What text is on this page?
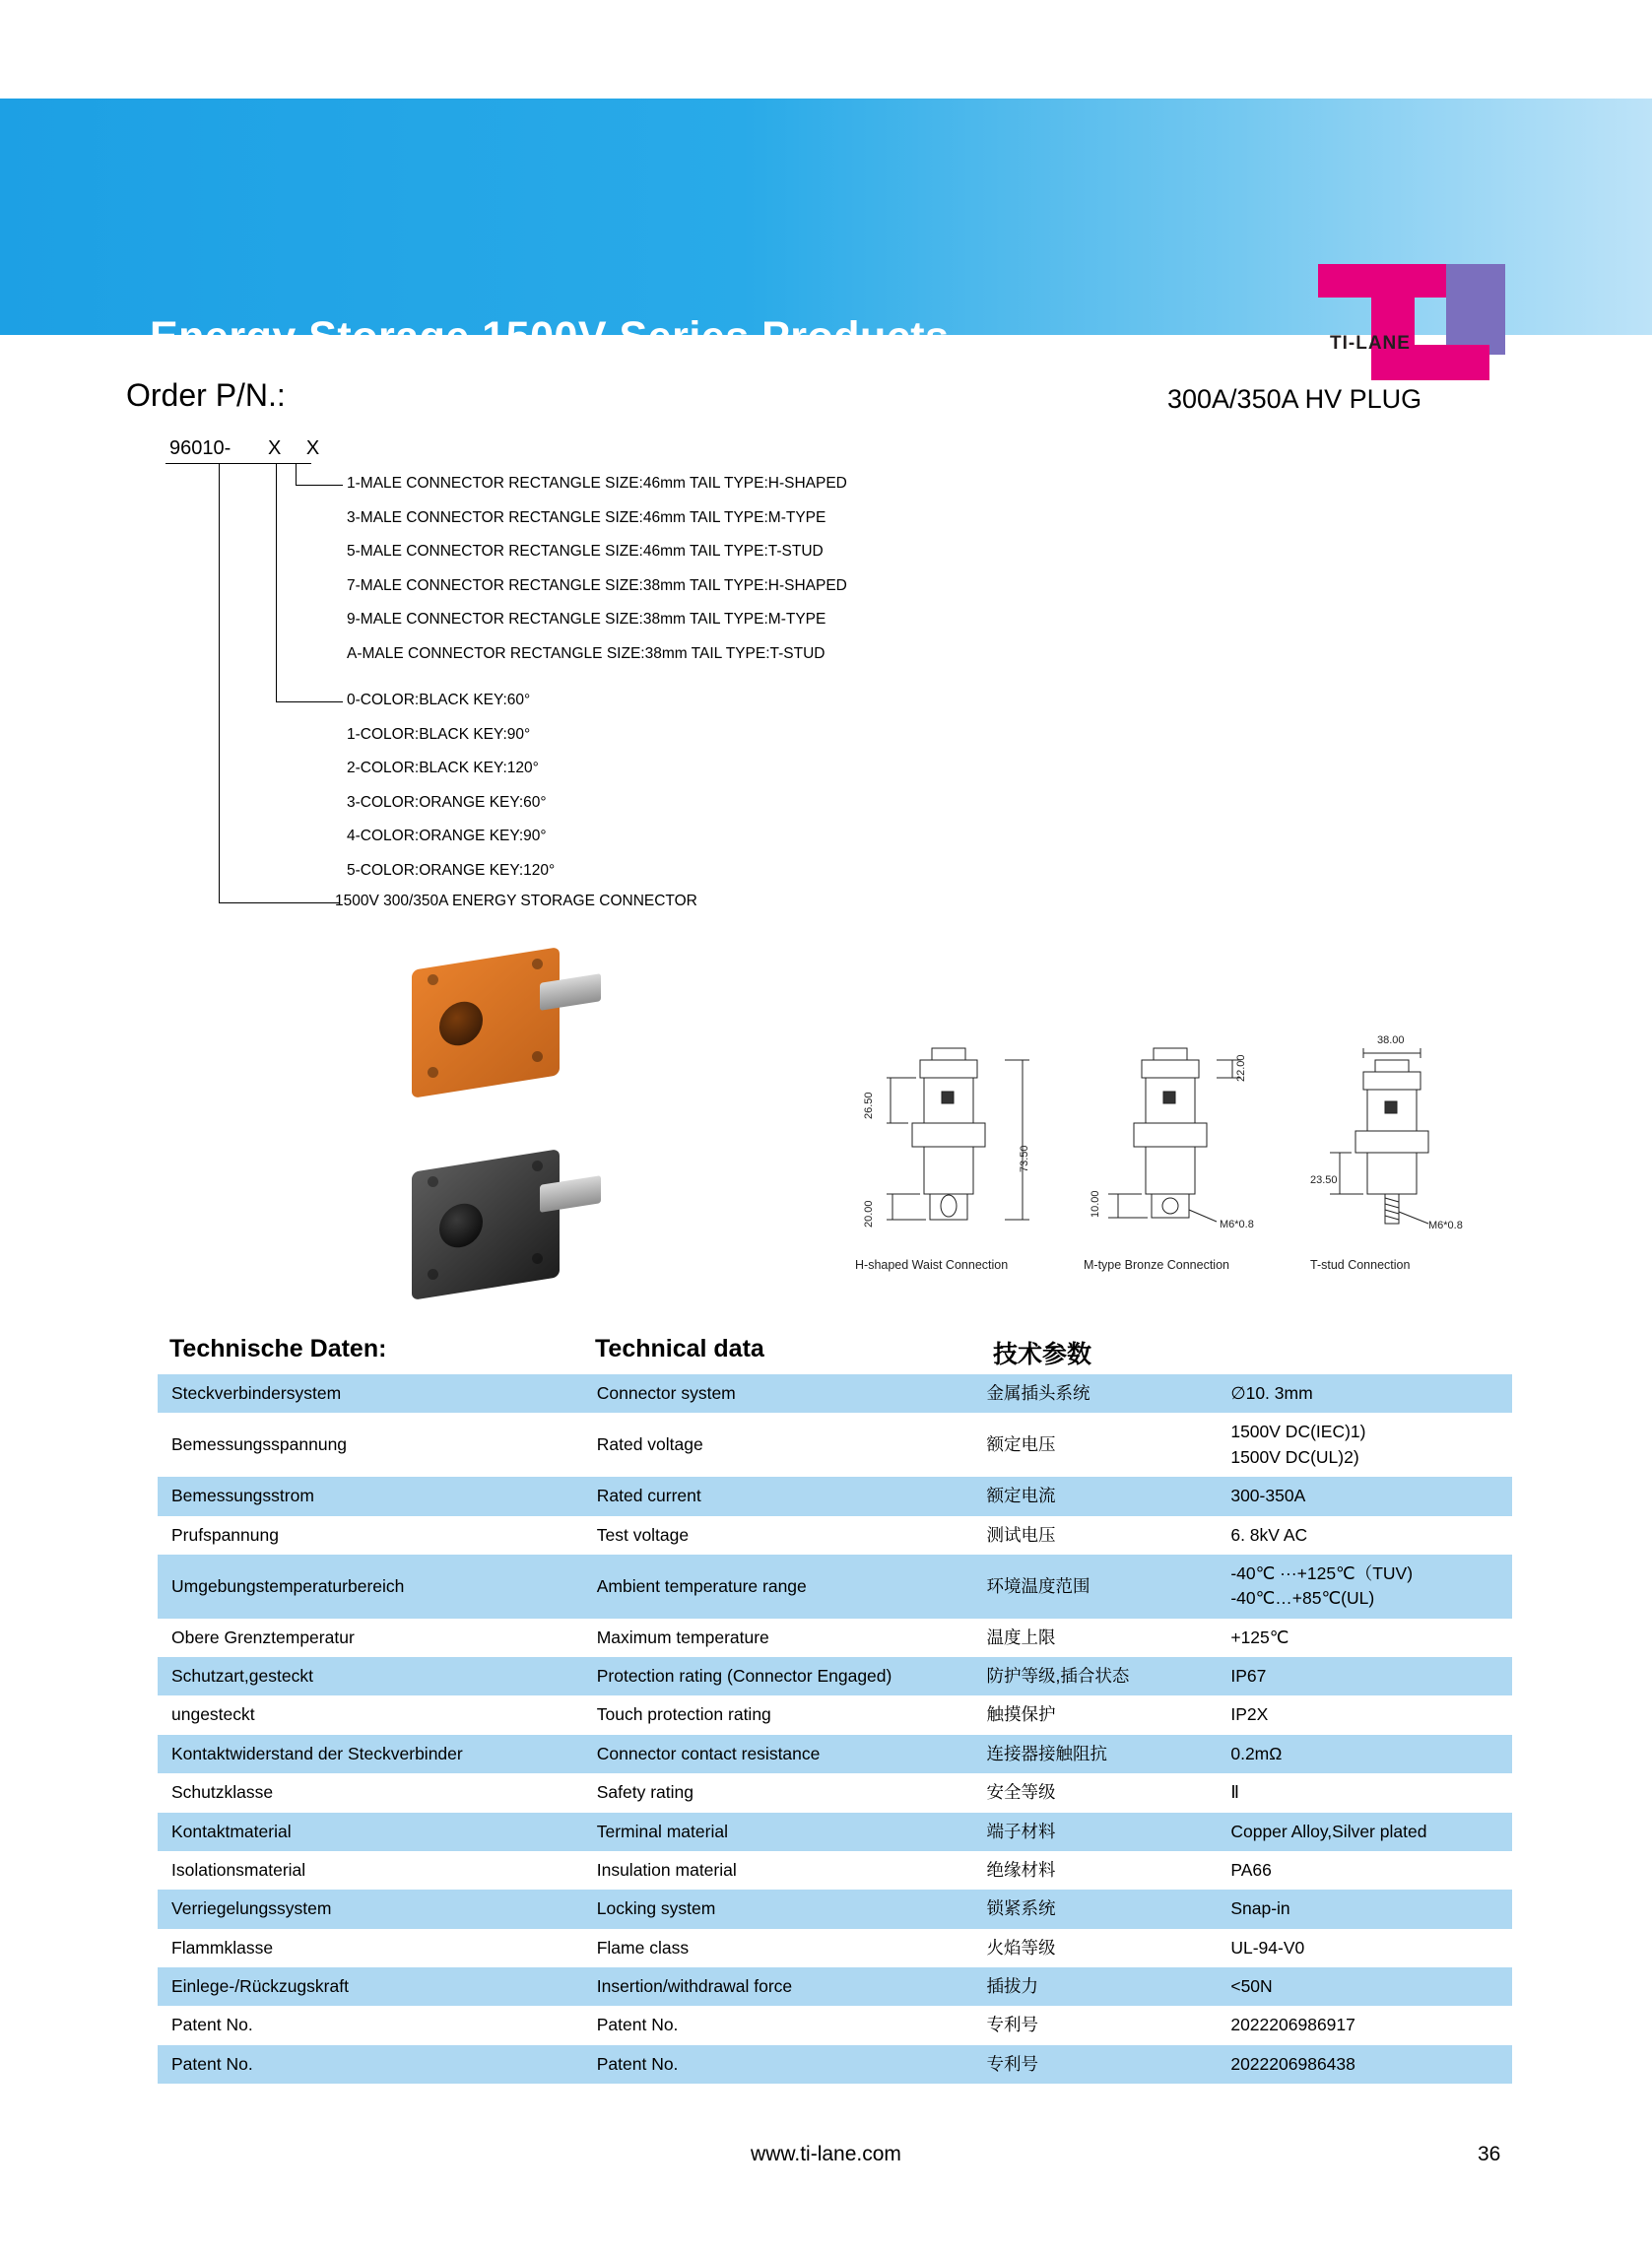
Energy Storage 1500V Series Products	TI-LANE
Order P/N.:	300A/350A HV PLUG
96010- X X
1-MALE CONNECTOR RECTANGLE SIZE:46mm TAIL TYPE:H-SHAPED
3-MALE CONNECTOR RECTANGLE SIZE:46mm TAIL TYPE:M-TYPE
5-MALE CONNECTOR RECTANGLE SIZE:46mm TAIL TYPE:T-STUD
7-MALE CONNECTOR RECTANGLE SIZE:38mm TAIL TYPE:H-SHAPED
9-MALE CONNECTOR RECTANGLE SIZE:38mm TAIL TYPE:M-TYPE
A-MALE CONNECTOR RECTANGLE SIZE:38mm TAIL TYPE:T-STUD
0-COLOR:BLACK KEY:60°
1-COLOR:BLACK KEY:90°
2-COLOR:BLACK KEY:120°
3-COLOR:ORANGE KEY:60°
4-COLOR:ORANGE KEY:90°
5-COLOR:ORANGE KEY:120°
1500V 300/350A ENERGY STORAGE CONNECTOR
26.50
73.50
20.00
H-shaped Waist Connection
22.00
10.00
M6*0.8
M-type Bronze Connection
38.00
23.50
M6*0.8
T-stud Connection
Technische Daten:	Technical data	技术参数
Steckverbindersystem	Connector system	金属插头系统	∅10. 3mm
Bemessungsspannung	Rated voltage	额定电压	1500V DC(IEC)1)
1500V DC(UL)2)
Bemessungsstrom	Rated current	额定电流	300-350A
Prufspannung	Test voltage	测试电压	6. 8kV AC
Umgebungstemperaturbereich	Ambient temperature range	环境温度范围	-40℃ ···+125℃（TUV)
-40℃…+85℃(UL)
Obere Grenztemperatur	Maximum temperature	温度上限	+125℃
Schutzart,gesteckt	Protection rating (Connector Engaged)	防护等级,插合状态	IP67
ungesteckt	Touch protection rating	触摸保护	IP2X
Kontaktwiderstand der Steckverbinder	Connector contact resistance	连接器接触阻抗	0.2mΩ
Schutzklasse	Safety rating	安全等级	Ⅱ
Kontaktmaterial	Terminal material	端子材料	Copper Alloy,Silver plated
Isolationsmaterial	Insulation material	绝缘材料	PA66
Verriegelungssystem	Locking system	锁紧系统	Snap-in
Flammklasse	Flame class	火焰等级	UL-94-V0
Einlege-/Rückzugskraft	Insertion/withdrawal force	插拔力	<50N
Patent No.	Patent No.	专利号	2022206986917
Patent No.	Patent No.	专利号	2022206986438
www.ti-lane.com	36
